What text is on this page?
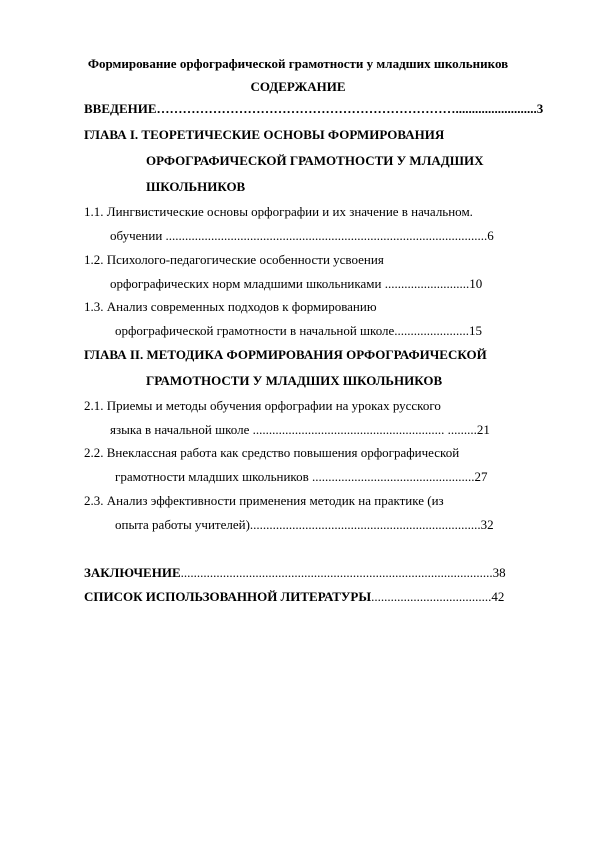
Формирование орфографической грамотности у младших школьников
СОДЕРЖАНИЕ
ВВЕДЕНИЕ…………………………………………………………….........................3
ГЛАВА I. ТЕОРЕТИЧЕСКИЕ ОСНОВЫ ФОРМИРОВАНИЯ
ОРФОГРАФИЧЕСКОЙ ГРАМОТНОСТИ У МЛАДШИХ
ШКОЛЬНИКОВ
1.1. Лингвистические основы орфографии и их значение в начальном.
обучении ...................................................................................................6
1.2. Психолого-педагогические особенности усвоения
орфографических норм младшими школьниками ..........................10
1.3. Анализ современных подходов к формированию
орфографической грамотности в начальной школе.......................15
ГЛАВА II. МЕТОДИКА ФОРМИРОВАНИЯ ОРФОГРАФИЧЕСКОЙ
ГРАМОТНОСТИ У МЛАДШИХ ШКОЛЬНИКОВ
2.1. Приемы и методы обучения орфографии на уроках русского
языка в начальной школе ........................................................... .........21
2.2. Внеклассная работа как средство повышения орфографической
грамотности младших школьников ..................................................27
2.3. Анализ эффективности применения методик на практике (из
опыта работы учителей).......................................................................32
ЗАКЛЮЧЕНИЕ................................................................................................38
СПИСОК ИСПОЛЬЗОВАННОЙ ЛИТЕРАТУРЫ.....................................42
